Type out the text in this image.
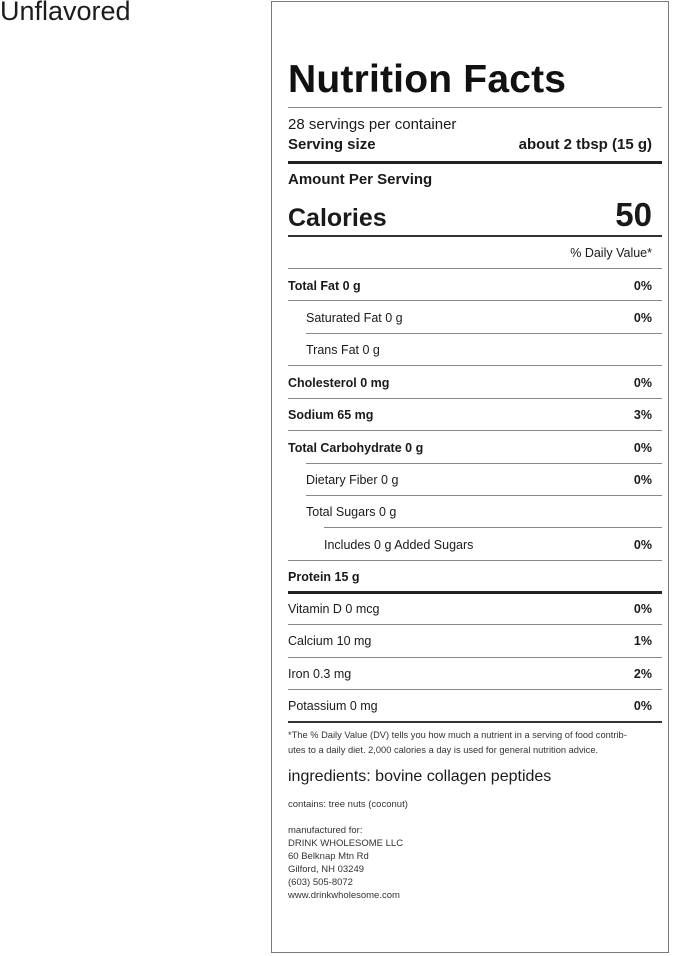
Unflavored
Nutrition Facts
28 servings per container
Serving size	about 2 tbsp (15 g)
Amount Per Serving
Calories	50
% Daily Value*
Total Fat 0 g	0%
Saturated Fat 0 g	0%
Trans Fat 0 g
Cholesterol 0 mg	0%
Sodium 65 mg	3%
Total Carbohydrate 0 g	0%
Dietary Fiber 0 g	0%
Total Sugars 0 g
Includes 0 g Added Sugars	0%
Protein 15 g
Vitamin D 0 mcg	0%
Calcium 10 mg	1%
Iron 0.3 mg	2%
Potassium 0 mg	0%
*The % Daily Value (DV) tells you how much a nutrient in a serving of food contrib-
utes to a daily diet. 2,000 calories a day is used for general nutrition advice.
ingredients: bovine collagen peptides
contains: tree nuts (coconut)
manufactured for:
DRINK WHOLESOME LLC
60 Belknap Mtn Rd
Gilford, NH 03249
(603) 505-8072
www.drinkwholesome.com
